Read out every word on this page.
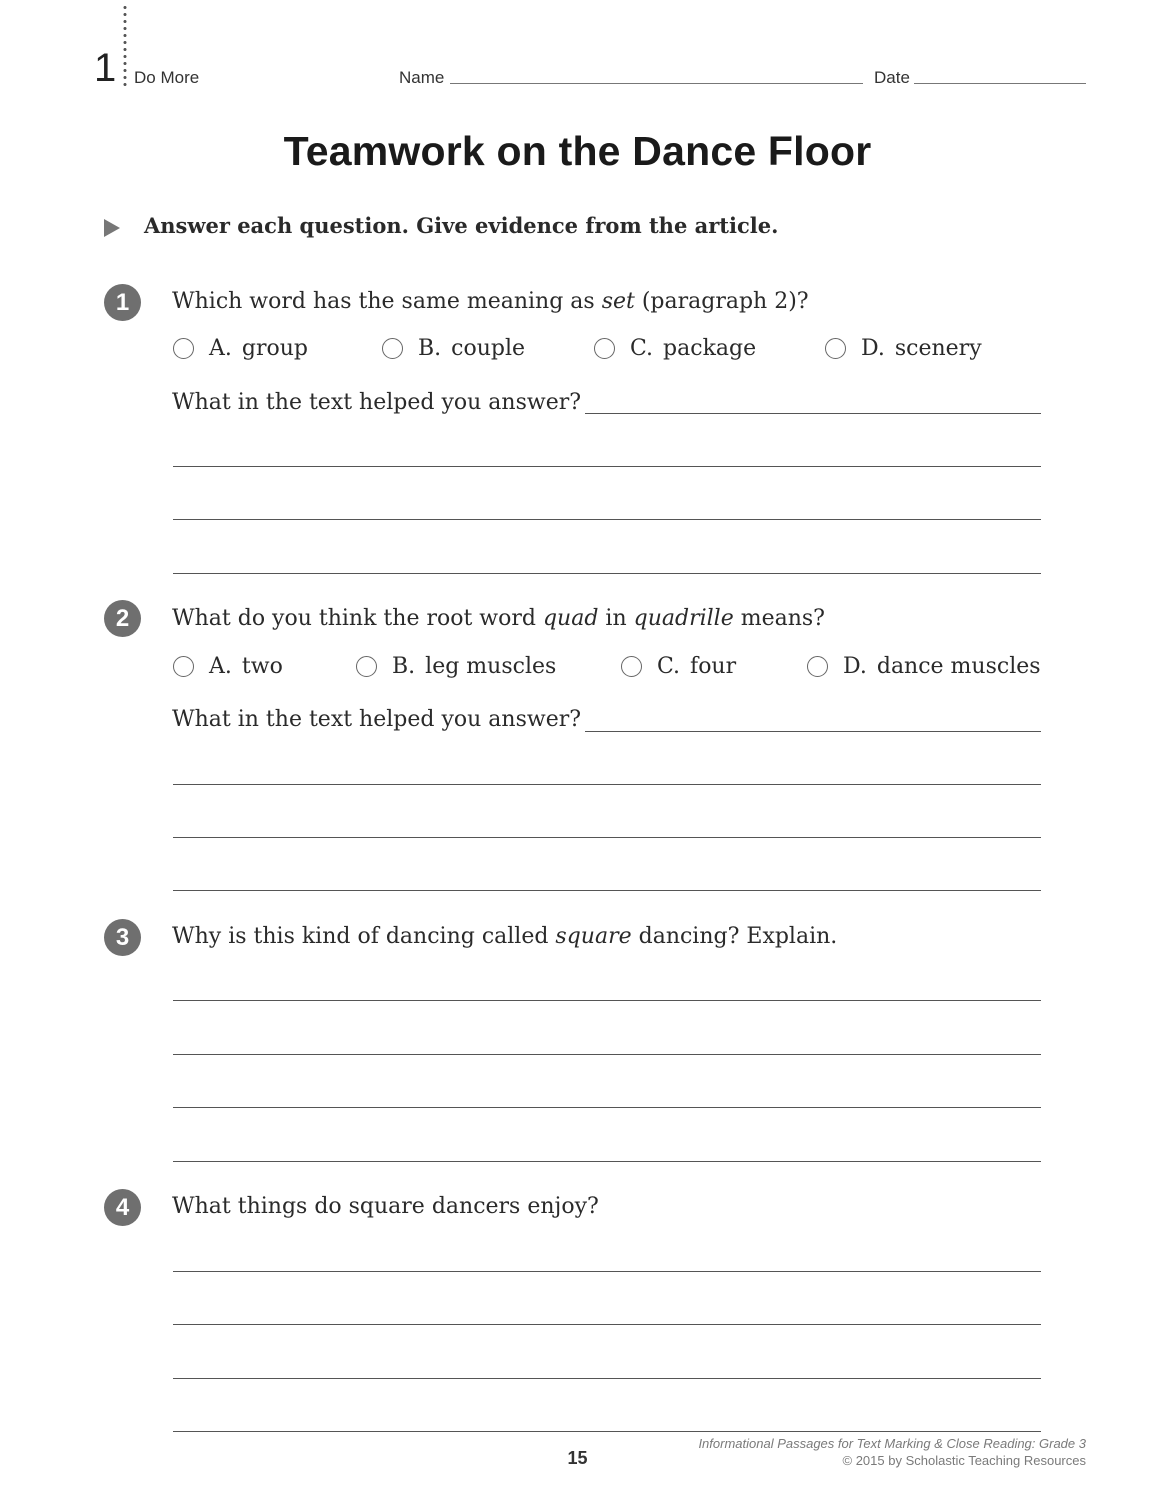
1 Do More	Name	Date
Teamwork on the Dance Floor
Answer each question. Give evidence from the article.
1	Which word has the same meaning as set (paragraph 2)?
A. group	B. couple	C. package	D. scenery
What in the text helped you answer?
2	What do you think the root word quad in quadrille means?
A. two	B. leg muscles	C. four	D. dance muscles
What in the text helped you answer?
3	Why is this kind of dancing called square dancing? Explain.
4	What things do square dancers enjoy?
15
Informational Passages for Text Marking & Close Reading: Grade 3
© 2015 by Scholastic Teaching Resources
